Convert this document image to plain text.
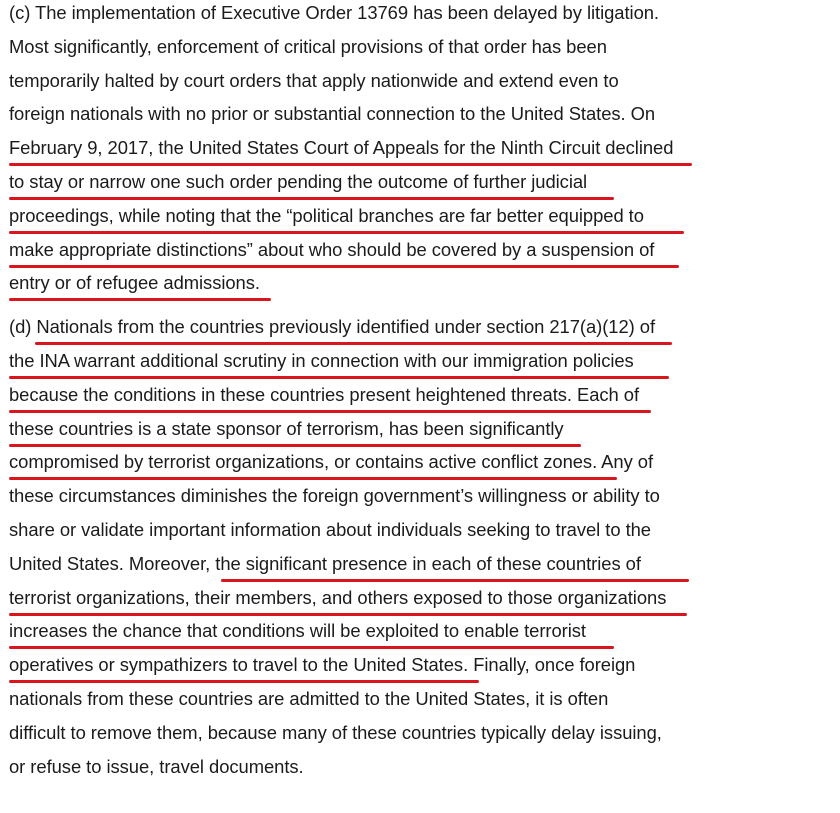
(c) The implementation of Executive Order 13769 has been delayed by litigation.
Most significantly, enforcement of critical provisions of that order has been
temporarily halted by court orders that apply nationwide and extend even to
foreign nationals with no prior or substantial connection to the United States. On
February 9, 2017, the United States Court of Appeals for the Ninth Circuit declined
to stay or narrow one such order pending the outcome of further judicial
proceedings, while noting that the “political branches are far better equipped to
make appropriate distinctions” about who should be covered by a suspension of
entry or of refugee admissions.
(d) Nationals from the countries previously identified under section 217(a)(12) of
the INA warrant additional scrutiny in connection with our immigration policies
because the conditions in these countries present heightened threats. Each of
these countries is a state sponsor of terrorism, has been significantly
compromised by terrorist organizations, or contains active conflict zones. Any of
these circumstances diminishes the foreign government’s willingness or ability to
share or validate important information about individuals seeking to travel to the
United States. Moreover, the significant presence in each of these countries of
terrorist organizations, their members, and others exposed to those organizations
increases the chance that conditions will be exploited to enable terrorist
operatives or sympathizers to travel to the United States. Finally, once foreign
nationals from these countries are admitted to the United States, it is often
difficult to remove them, because many of these countries typically delay issuing,
or refuse to issue, travel documents.
